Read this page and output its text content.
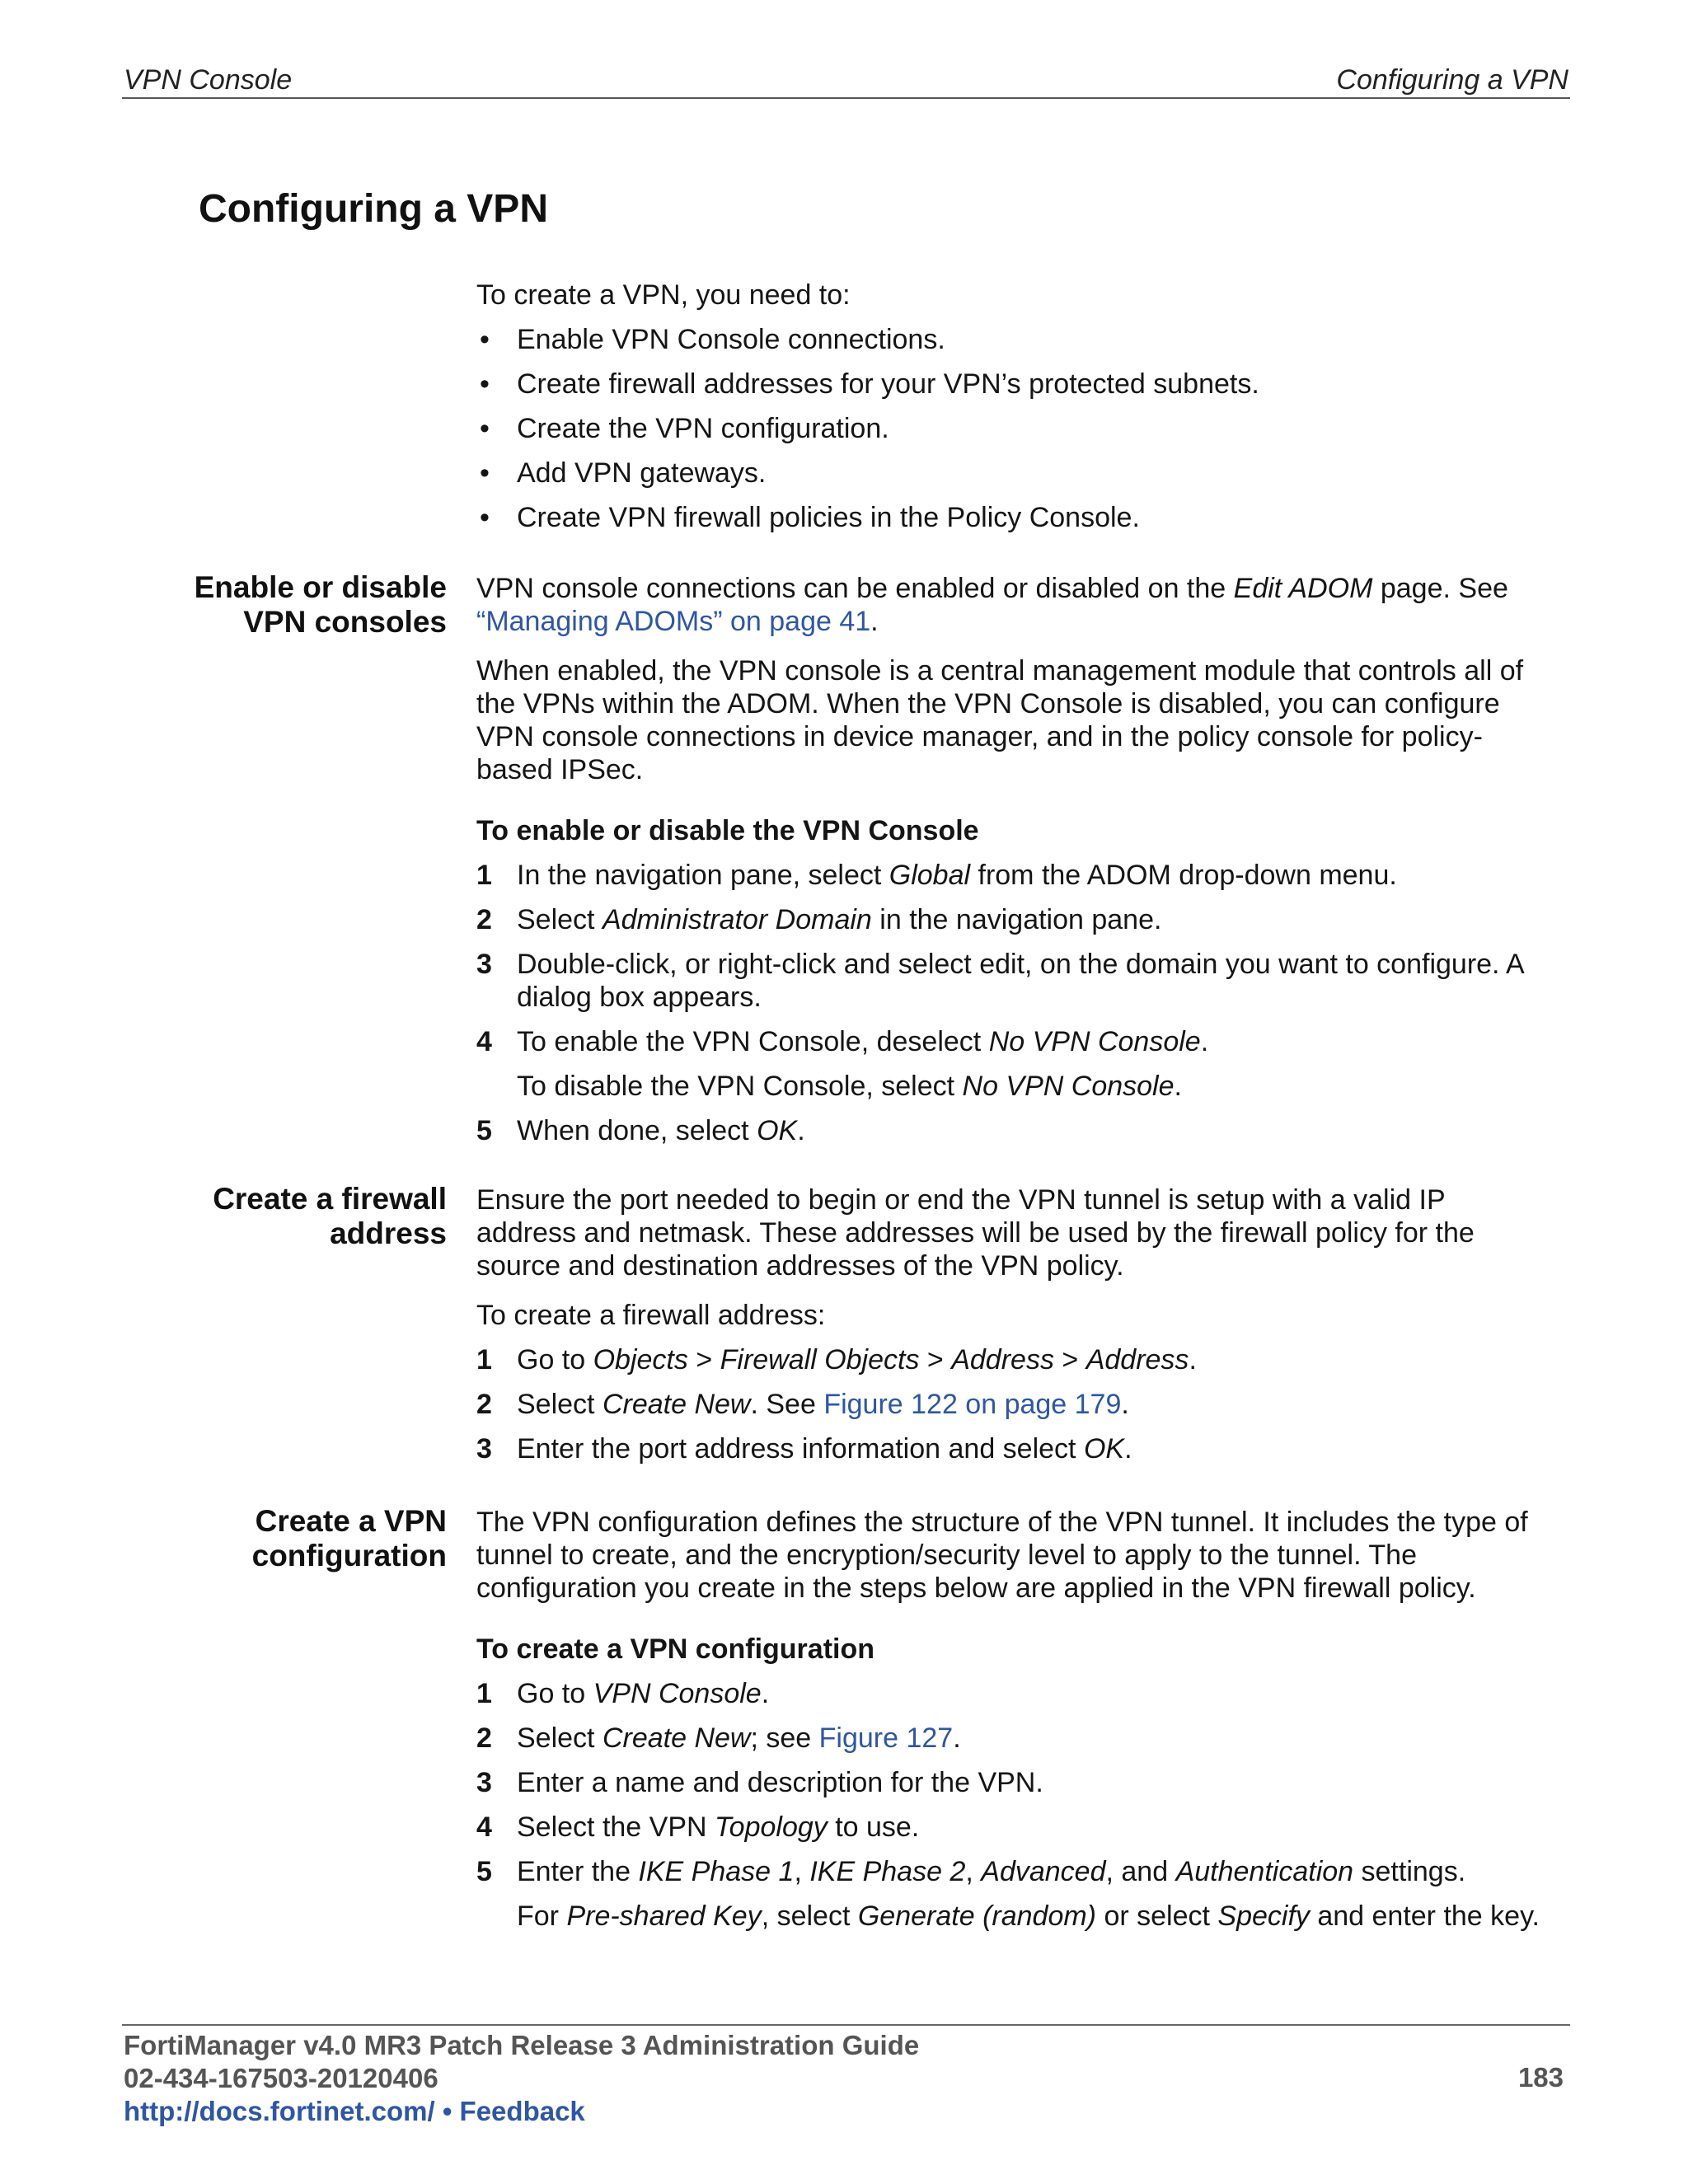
VPN Console	Configuring a VPN
Configuring a VPN

To create a VPN, you need to:

• Enable VPN Console connections.
• Create firewall addresses for your VPN’s protected subnets.
• Create the VPN configuration.
• Add VPN gateways.
• Create VPN firewall policies in the Policy Console.
Enable or disable
VPN consoles

VPN console connections can be enabled or disabled on the Edit ADOM page. See “Managing ADOMs” on page 41.

When enabled, the VPN console is a central management module that controls all of the VPNs within the ADOM. When the VPN Console is disabled, you can configure VPN console connections in device manager, and in the policy console for policy-based IPSec.

To enable or disable the VPN Console

1 In the navigation pane, select Global from the ADOM drop-down menu.
2 Select Administrator Domain in the navigation pane.
3 Double-click, or right-click and select edit, on the domain you want to configure. A dialog box appears.
4 To enable the VPN Console, deselect No VPN Console.
To disable the VPN Console, select No VPN Console.
5 When done, select OK.
Create a firewall
address

Ensure the port needed to begin or end the VPN tunnel is setup with a valid IP address and netmask. These addresses will be used by the firewall policy for the source and destination addresses of the VPN policy.

To create a firewall address:

1 Go to Objects > Firewall Objects > Address > Address.
2 Select Create New. See Figure 122 on page 179.
3 Enter the port address information and select OK.
Create a VPN
configuration

The VPN configuration defines the structure of the VPN tunnel. It includes the type of tunnel to create, and the encryption/security level to apply to the tunnel. The configuration you create in the steps below are applied in the VPN firewall policy.

To create a VPN configuration

1 Go to VPN Console.
2 Select Create New; see Figure 127.
3 Enter a name and description for the VPN.
4 Select the VPN Topology to use.
5 Enter the IKE Phase 1, IKE Phase 2, Advanced, and Authentication settings.
For Pre-shared Key, select Generate (random) or select Specify and enter the key.
FortiManager v4.0 MR3 Patch Release 3 Administration Guide
02-434-167503-20120406
http://docs.fortinet.com/ • Feedback
183
